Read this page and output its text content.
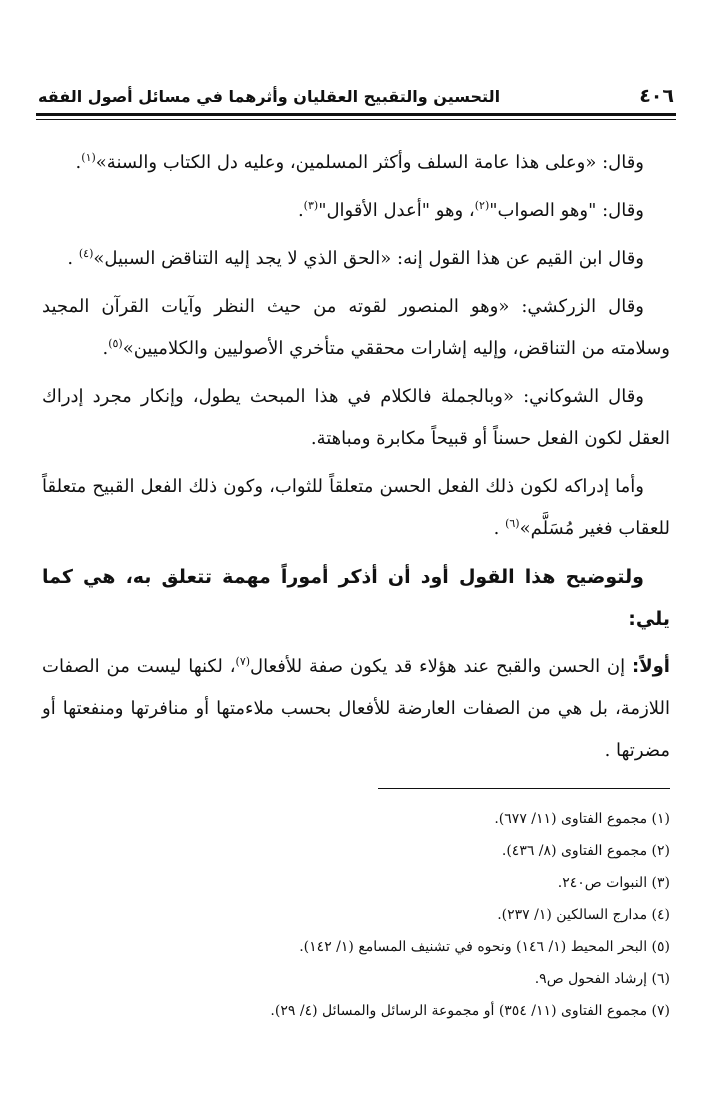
٤٠٦
التحسين والتقبيح العقليان وأثرهما في مسائل أصول الفقه

وقال: «وعلى هذا عامة السلف وأكثر المسلمين، وعليه دل الكتاب والسنة»$^{(١)}$.

وقال: "وهو الصواب"$^{(٢)}$، وهو "أعدل الأقوال"$^{(٣)}$.

وقال ابن القيم عن هذا القول إنه: «الحق الذي لا يجد إليه التناقض السبيل»$^{(٤)}$ .

وقال الزركشي: «وهو المنصور لقوته من حيث النظر وآيات القرآن المجيد وسلامته من التناقض، وإليه إشارات محققي متأخري الأصوليين والكلاميين»$^{(٥)}$.

وقال الشوكاني: «وبالجملة فالكلام في هذا المبحث يطول، وإنكار مجرد إدراك العقل لكون الفعل حسناً أو قبيحاً مكابرة ومباهتة.

وأما إدراكه لكون ذلك الفعل الحسن متعلقاً للثواب، وكون ذلك الفعل القبيح متعلقاً للعقاب فغير مُسَلَّم»$^{(٦)}$ .

ولتوضيح هذا القول أود أن أذكر أموراً مهمة تتعلق به، هي كما يلي:

أولاً: إن الحسن والقبح عند هؤلاء قد يكون صفة للأفعال$^{(٧)}$، لكنها ليست من الصفات اللازمة، بل هي من الصفات العارضة للأفعال بحسب ملاءمتها أو منافرتها ومنفعتها أو مضرتها .

(١) مجموع الفتاوى (١١/ ٦٧٧).
(٢) مجموع الفتاوى (٨/ ٤٣٦).
(٣) النبوات ص٢٤٠.
(٤) مدارج السالكين (١/ ٢٣٧).
(٥) البحر المحيط (١/ ١٤٦) ونحوه في تشنيف المسامع (١/ ١٤٢).
(٦) إرشاد الفحول ص٩.
(٧) مجموع الفتاوى (١١/ ٣٥٤) أو مجموعة الرسائل والمسائل (٤/ ٢٩).
